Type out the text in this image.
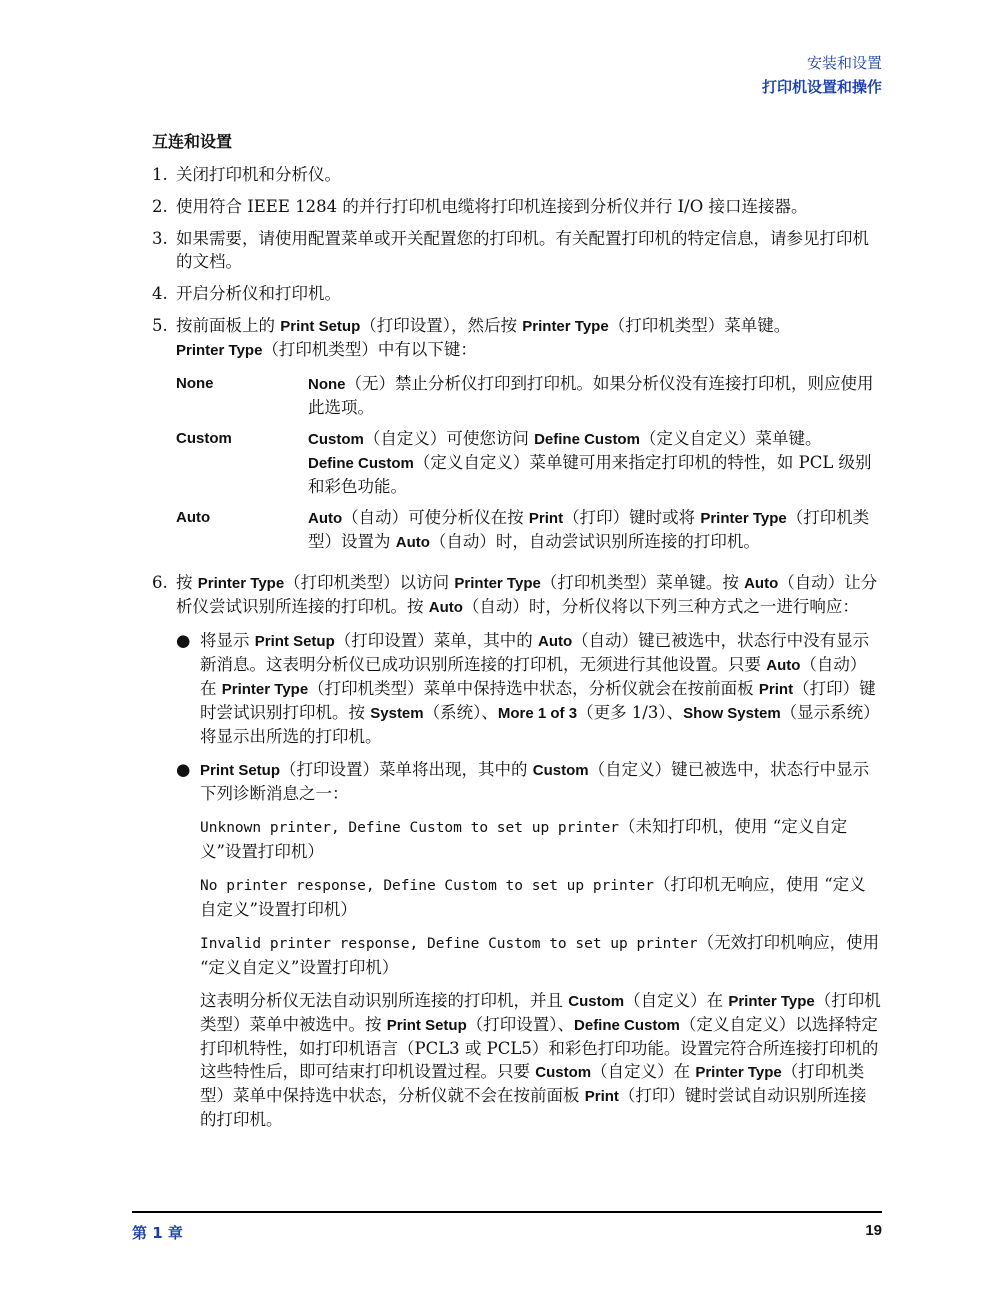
安装和设置
打印机设置和操作
互连和设置
1. 关闭打印机和分析仪。
2. 使用符合 IEEE 1284 的并行打印机电缆将打印机连接到分析仪并行 I/O 接口连接器。
3. 如果需要，请使用配置菜单或开关配置您的打印机。有关配置打印机的特定信息，请参见打印机的文档。
4. 开启分析仪和打印机。
5. 按前面板上的 Print Setup（打印设置），然后按 Printer Type（打印机类型）菜单键。
Printer Type（打印机类型）中有以下键：
None	None（无）禁止分析仪打印到打印机。如果分析仪没有连接打印机，则应使用此选项。
Custom	Custom（自定义）可使您访问 Define Custom（定义自定义）菜单键。
Define Custom（定义自定义）菜单键可用来指定打印机的特性，如 PCL 级别和彩色功能。
Auto	Auto（自动）可使分析仪在按 Print（打印）键时或将 Printer Type（打印机类型）设置为 Auto（自动）时，自动尝试识别所连接的打印机。
6. 按 Printer Type（打印机类型）以访问 Printer Type（打印机类型）菜单键。按 Auto（自动）让分析仪尝试识别所连接的打印机。按 Auto（自动）时，分析仪将以下列三种方式之一进行响应：
● 将显示 Print Setup（打印设置）菜单，其中的 Auto（自动）键已被选中，状态行中没有显示新消息。这表明分析仪已成功识别所连接的打印机，无须进行其他设置。只要 Auto（自动）在 Printer Type（打印机类型）菜单中保持选中状态，分析仪就会在按前面板 Print（打印）键时尝试识别打印机。按 System（系统）、More 1 of 3（更多 1/3）、Show System（显示系统）将显示出所选的打印机。
● Print Setup（打印设置）菜单将出现，其中的 Custom（自定义）键已被选中，状态行中显示下列诊断消息之一：
Unknown printer, Define Custom to set up printer（未知打印机，使用 “定义自定义”设置打印机）
No printer response, Define Custom to set up printer（打印机无响应，使用 “定义自定义”设置打印机）
Invalid printer response, Define Custom to set up printer（无效打印机响应，使用 “定义自定义”设置打印机）
这表明分析仪无法自动识别所连接的打印机，并且 Custom（自定义）在 Printer Type（打印机类型）菜单中被选中。按 Print Setup（打印设置）、Define Custom（定义自定义）以选择特定打印机特性，如打印机语言（PCL3 或 PCL5）和彩色打印功能。设置完符合所连接打印机的这些特性后，即可结束打印机设置过程。只要 Custom（自定义）在 Printer Type（打印机类型）菜单中保持选中状态，分析仪就不会在按前面板 Print（打印）键时尝试自动识别所连接的打印机。
第 1 章	19
